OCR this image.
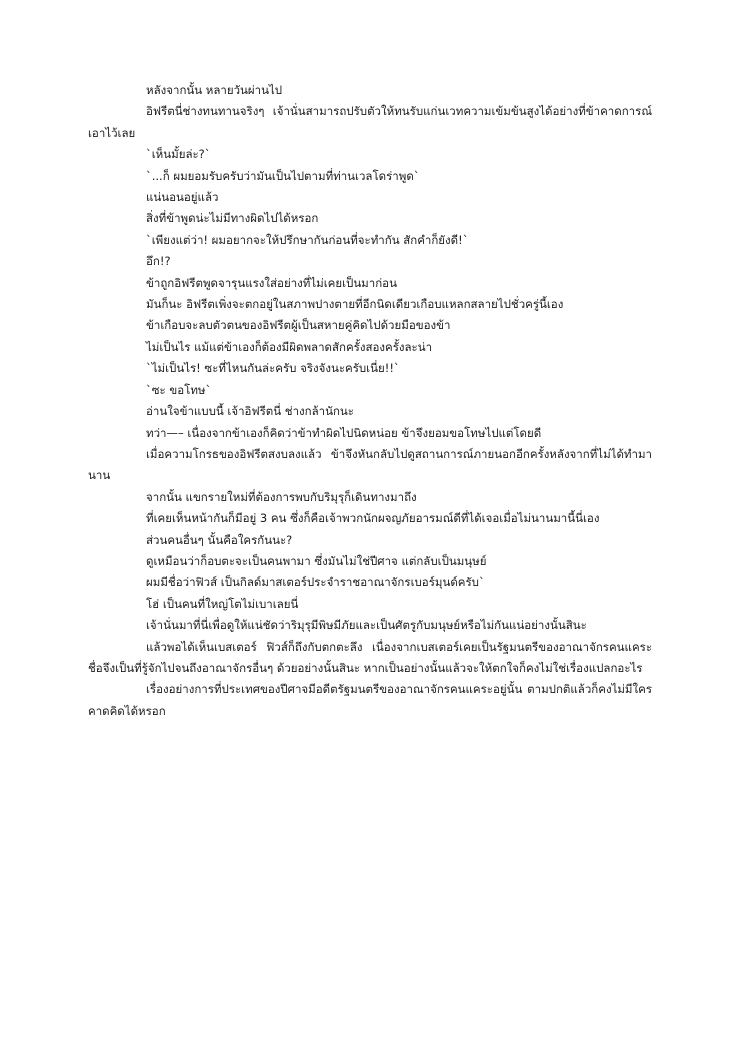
หลังจากนั้น หลายวันผ่านไป

อิฟรีตนี่ช่างทนทานจริงๆ เจ้านั่นสามารถปรับตัวให้ทนรับแก่นเวทความเข้มข้นสูงได้อย่างที่ข้าคาดการณ์เอาไว้เลย

`เห็นมั้ยล่ะ?`

`...ก็ ผมยอมรับครับว่ามันเป็นไปตามที่ท่านเวลโดร่าพูด`

แน่นอนอยู่แล้ว

สิ่งที่ข้าพูดน่ะไม่มีทางผิดไปได้หรอก

`เพียงแต่ว่า! ผมอยากจะให้ปรึกษากันก่อนที่จะทำกัน สักคำก็ยังดี!`

อึก!?

ข้าถูกอิฟรีตพูดจารุนแรงใส่อย่างที่ไม่เคยเป็นมาก่อน

มันก็นะ อิฟรีตเพิ่งจะตกอยู่ในสภาพปางตายที่อีกนิดเดียวเกือบแหลกสลายไปชั่วครู่นี้เอง

ข้าเกือบจะลบตัวตนของอิฟรีตผู้เป็นสหายคู่คิดไปด้วยมือของข้า

ไม่เป็นไร แม้แต่ข้าเองก็ต้องมีผิดพลาดสักครั้งสองครั้งละน่า

`ไม่เป็นไร! ซะที่ไหนกันล่ะครับ จริงจังนะครับเนี่ย!!`

`ซะ ขอโทษ`

อ่านใจข้าแบบนี้ เจ้าอิฟรีตนี่ ช่างกล้านักนะ

ทว่า—– เนื่องจากข้าเองก็คิดว่าข้าทำผิดไปนิดหน่อย ข้าจึงยอมขอโทษไปแต่โดยดี

เมื่อความโกรธของอิฟรีตสงบลงแล้ว ข้าจึงหันกลับไปดูสถานการณ์ภายนอกอีกครั้งหลังจากที่ไม่ได้ทำมานาน

จากนั้น แขกรายใหม่ที่ต้องการพบกับริมุรุก็เดินทางมาถึง

ที่เคยเห็นหน้ากันก็มีอยู่ 3 คน ซึ่งก็คือเจ้าพวกนักผจญภัยอารมณ์ดีที่ได้เจอเมื่อไม่นานมานี้นี่เอง

ส่วนคนอื่นๆ นั้นคือใครกันนะ?

ดูเหมือนว่าก็อบตะจะเป็นคนพามา ซึ่งมันไม่ใช่ปีศาจ แต่กลับเป็นมนุษย์

ผมมีชื่อว่าฟิวส์ เป็นกิลด์มาสเตอร์ประจำราชอาณาจักรเบอร์มุนด์ครับ`

โฮ่ เป็นคนที่ใหญ่โตไม่เบาเลยนี่

เจ้านั่นมาที่นี่เพื่อดูให้แน่ชัดว่าริมุรุมีพิษมีภัยและเป็นศัตรูกับมนุษย์หรือไม่กันแน่อย่างนั้นสินะ

แล้วพอได้เห็นเบสเตอร์ ฟิวส์ก็ถึงกับตกตะลึง เนื่องจากเบสเตอร์เคยเป็นรัฐมนตรีของอาณาจักรคนแคระ ชื่อจึงเป็นที่รู้จักไปจนถึงอาณาจักรอื่นๆ ด้วยอย่างนั้นสินะ หากเป็นอย่างนั้นแล้วจะให้ตกใจก็คงไม่ใช่เรื่องแปลกอะไร

เรื่องอย่างการที่ประเทศของปีศาจมีอดีตรัฐมนตรีของอาณาจักรคนแคระอยู่นั้น ตามปกติแล้วก็คงไม่มีใครคาดคิดได้หรอก
